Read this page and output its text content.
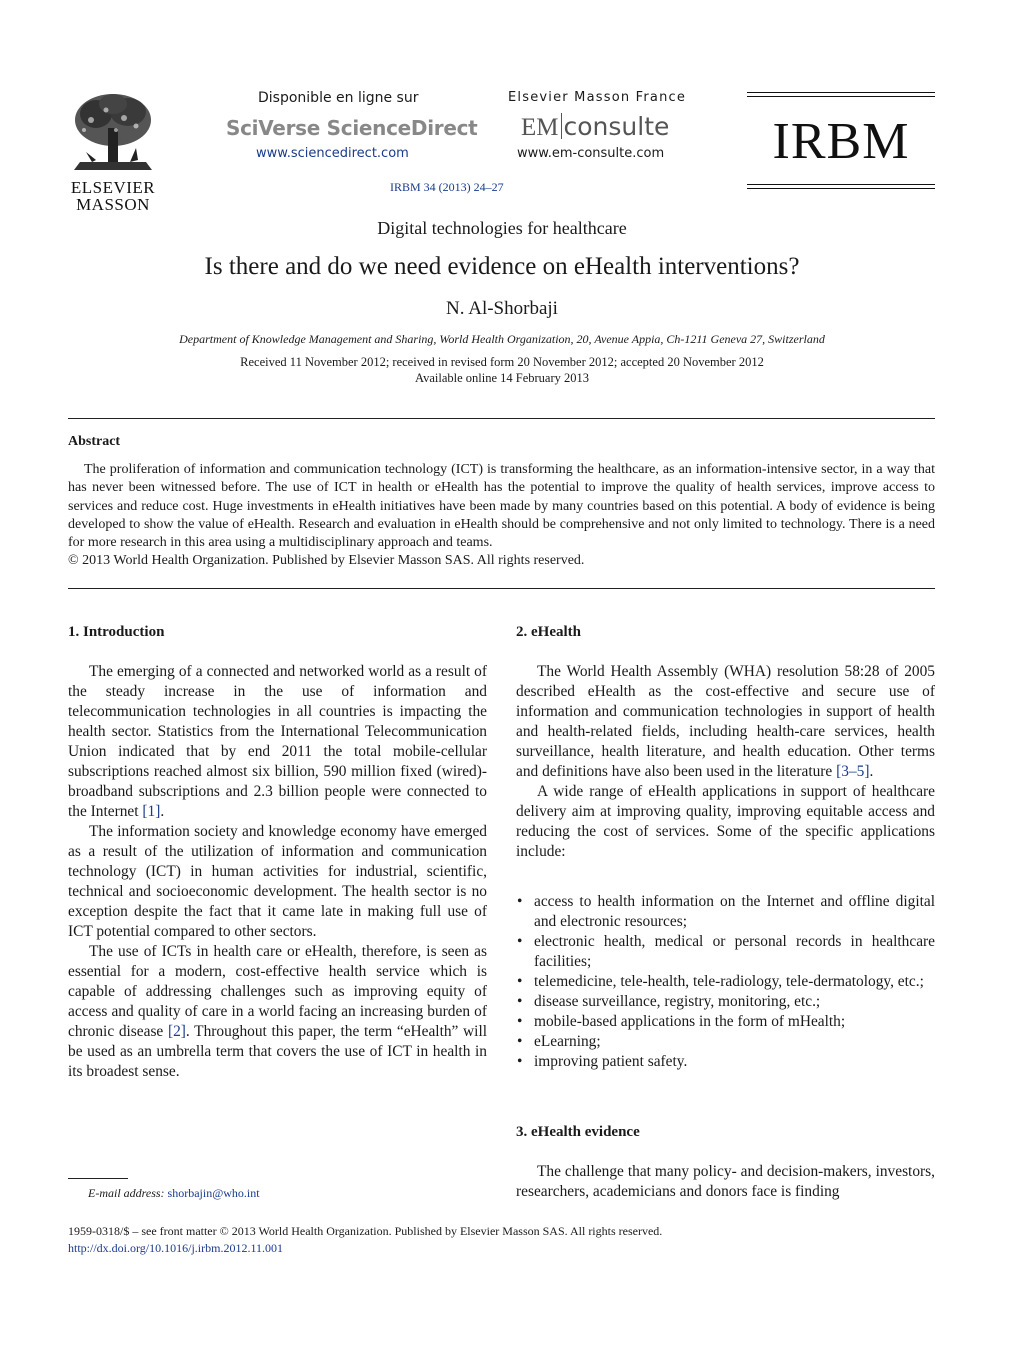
ELSEVIER
MASSON
Disponible en ligne sur
SciVerse ScienceDirect
www.sciencedirect.com
Elsevier Masson France
EM consulte
www.em-consulte.com
IRBM 34 (2013) 24–27
IRBM
Digital technologies for healthcare
Is there and do we need evidence on eHealth interventions?
N. Al-Shorbaji
Department of Knowledge Management and Sharing, World Health Organization, 20, Avenue Appia, Ch-1211 Geneva 27, Switzerland
Received 11 November 2012; received in revised form 20 November 2012; accepted 20 November 2012
Available online 14 February 2013
Abstract

The proliferation of information and communication technology (ICT) is transforming the healthcare, as an information-intensive sector, in a way that has never been witnessed before. The use of ICT in health or eHealth has the potential to improve the quality of health services, improve access to services and reduce cost. Huge investments in eHealth initiatives have been made by many countries based on this potential. A body of evidence is being developed to show the value of eHealth. Research and evaluation in eHealth should be comprehensive and not only limited to technology. There is a need for more research in this area using a multidisciplinary approach and teams.

© 2013 World Health Organization. Published by Elsevier Masson SAS. All rights reserved.

1. Introduction

The emerging of a connected and networked world as a result of the steady increase in the use of information and telecommunication technologies in all countries is impacting the health sector. Statistics from the International Telecommunication Union indicated that by end 2011 the total mobile-cellular subscriptions reached almost six billion, 590 million fixed (wired)-broadband subscriptions and 2.3 billion people were connected to the Internet [1].

The information society and knowledge economy have emerged as a result of the utilization of information and communication technology (ICT) in human activities for industrial, scientific, technical and socioeconomic development. The health sector is no exception despite the fact that it came late in making full use of ICT potential compared to other sectors.

The use of ICTs in health care or eHealth, therefore, is seen as essential for a modern, cost-effective health service which is capable of addressing challenges such as improving equity of access and quality of care in a world facing an increasing burden of chronic disease [2]. Throughout this paper, the term “eHealth” will be used as an umbrella term that covers the use of ICT in health in its broadest sense.

2. eHealth

The World Health Assembly (WHA) resolution 58:28 of 2005 described eHealth as the cost-effective and secure use of information and communication technologies in support of health and health-related fields, including health-care services, health surveillance, health literature, and health education. Other terms and definitions have also been used in the literature [3–5].

A wide range of eHealth applications in support of healthcare delivery aim at improving quality, improving equitable access and reducing the cost of services. Some of the specific applications include:

• access to health information on the Internet and offline digital and electronic resources;
• electronic health, medical or personal records in healthcare facilities;
• telemedicine, tele-health, tele-radiology, tele-dermatology, etc.;
• disease surveillance, registry, monitoring, etc.;
• mobile-based applications in the form of mHealth;
• eLearning;
• improving patient safety.
3. eHealth evidence

The challenge that many policy- and decision-makers, investors, researchers, academicians and donors face is finding

E-mail address: shorbajin@who.int
1959-0318/$ – see front matter © 2013 World Health Organization. Published by Elsevier Masson SAS. All rights reserved.
http://dx.doi.org/10.1016/j.irbm.2012.11.001
